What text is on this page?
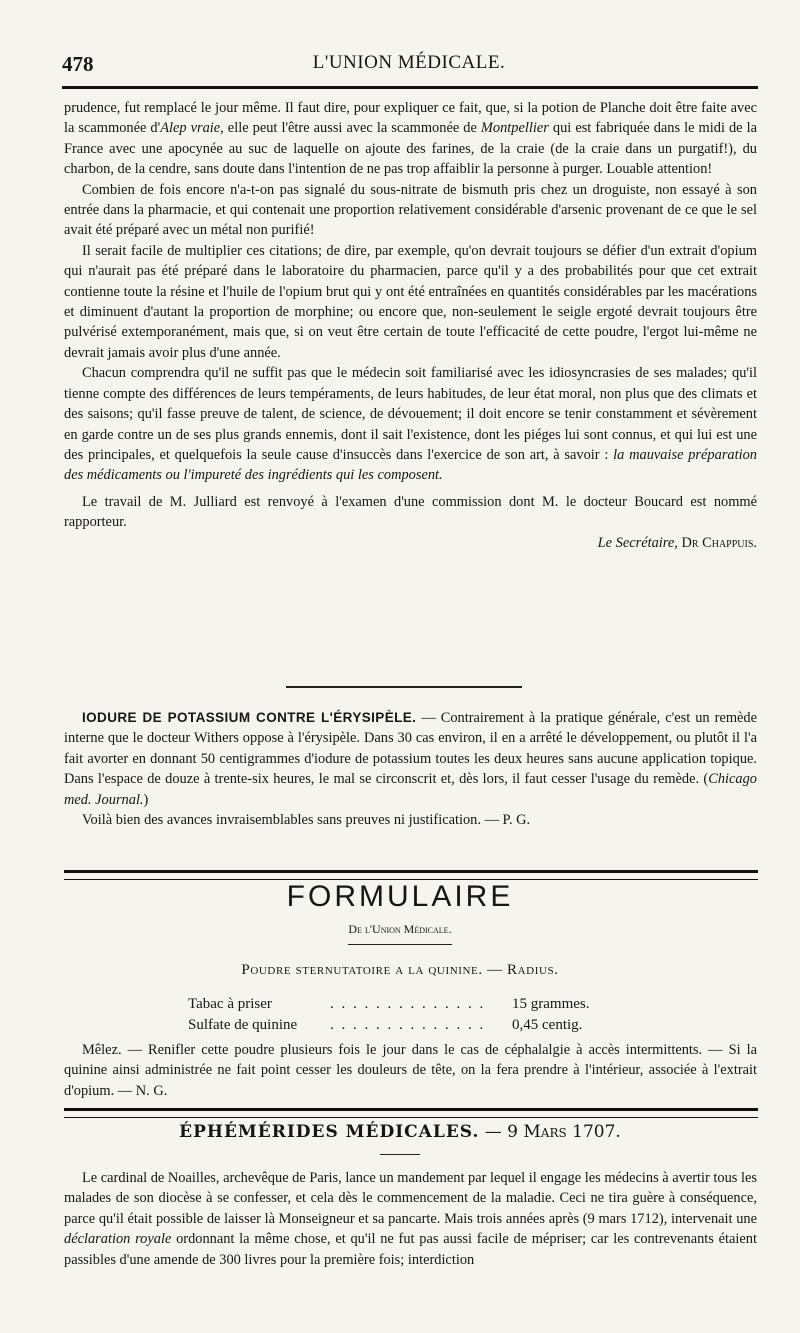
478	L'UNION MÉDICALE.

prudence, fut remplacé le jour même. Il faut dire, pour expliquer ce fait, que, si la potion de Planche doit être faite avec la scammonée d'Alep vraie, elle peut l'être aussi avec la scammonée de Montpellier qui est fabriquée dans le midi de la France avec une apocynée au suc de laquelle on ajoute des farines, de la craie (de la craie dans un purgatif!), du charbon, de la cendre, sans doute dans l'intention de ne pas trop affaiblir la personne à purger. Louable attention!

Combien de fois encore n'a-t-on pas signalé du sous-nitrate de bismuth pris chez un droguiste, non essayé à son entrée dans la pharmacie, et qui contenait une proportion relativement considérable d'arsenic provenant de ce que le sel avait été préparé avec un métal non purifié!

Il serait facile de multiplier ces citations; de dire, par exemple, qu'on devrait toujours se défier d'un extrait d'opium qui n'aurait pas été préparé dans le laboratoire du pharmacien, parce qu'il y a des probabilités pour que cet extrait contienne toute la résine et l'huile de l'opium brut qui y ont été entraînées en quantités considérables par les macérations et diminuent d'autant la proportion de morphine; ou encore que, non-seulement le seigle ergoté devrait toujours être pulvérisé extemporanément, mais que, si on veut être certain de toute l'efficacité de cette poudre, l'ergot lui-même ne devrait jamais avoir plus d'une année.

Chacun comprendra qu'il ne suffit pas que le médecin soit familiarisé avec les idiosyncrasies de ses malades; qu'il tienne compte des différences de leurs tempéraments, de leurs habitudes, de leur état moral, non plus que des climats et des saisons; qu'il fasse preuve de talent, de science, de dévouement; il doit encore se tenir constamment et sévèrement en garde contre un de ses plus grands ennemis, dont il sait l'existence, dont les piéges lui sont connus, et qui lui est une des principales, et quelquefois la seule cause d'insuccès dans l'exercice de son art, à savoir : la mauvaise préparation des médicaments ou l'impureté des ingrédients qui les composent.

Le travail de M. Julliard est renvoyé à l'examen d'une commission dont M. le docteur Boucard est nommé rapporteur.

Le Secrétaire, Dr Chappuis.

IODURE DE POTASSIUM CONTRE L'ÉRYSIPÈLE. — Contrairement à la pratique générale, c'est un remède interne que le docteur Withers oppose à l'érysipèle. Dans 30 cas environ, il en a arrêté le développement, ou plutôt il l'a fait avorter en donnant 50 centigrammes d'iodure de potassium toutes les deux heures sans aucune application topique. Dans l'espace de douze à trente-six heures, le mal se circonscrit et, dès lors, il faut cesser l'usage du remède. (Chicago med. Journal.)

Voilà bien des avances invraisemblables sans preuves ni justification. — P. G.

FORMULAIRE
De l'Union Médicale.
Poudre sternutatoire a la quinine. — Radius.
Tabac à priser	. . . . . . . . . . . . . . 15 grammes.
Sulfate de quinine . . . . . . . . . . . . . . 0,45 centig.

Mêlez. — Renifler cette poudre plusieurs fois le jour dans le cas de céphalalgie à accès intermittents. — Si la quinine ainsi administrée ne fait point cesser les douleurs de tête, on la fera prendre à l'intérieur, associée à l'extrait d'opium. — N. G.

ÉPHÉMÉRIDES MÉDICALES. — 9 Mars 1707.

Le cardinal de Noailles, archevêque de Paris, lance un mandement par lequel il engage les médecins à avertir tous les malades de son diocèse à se confesser, et cela dès le commencement de la maladie. Ceci ne tira guère à conséquence, parce qu'il était possible de laisser là Monseigneur et sa pancarte. Mais trois années après (9 mars 1712), intervenait une déclaration royale ordonnant la même chose, et qu'il ne fut pas aussi facile de mépriser; car les contrevenants étaient passibles d'une amende de 300 livres pour la première fois; interdiction
